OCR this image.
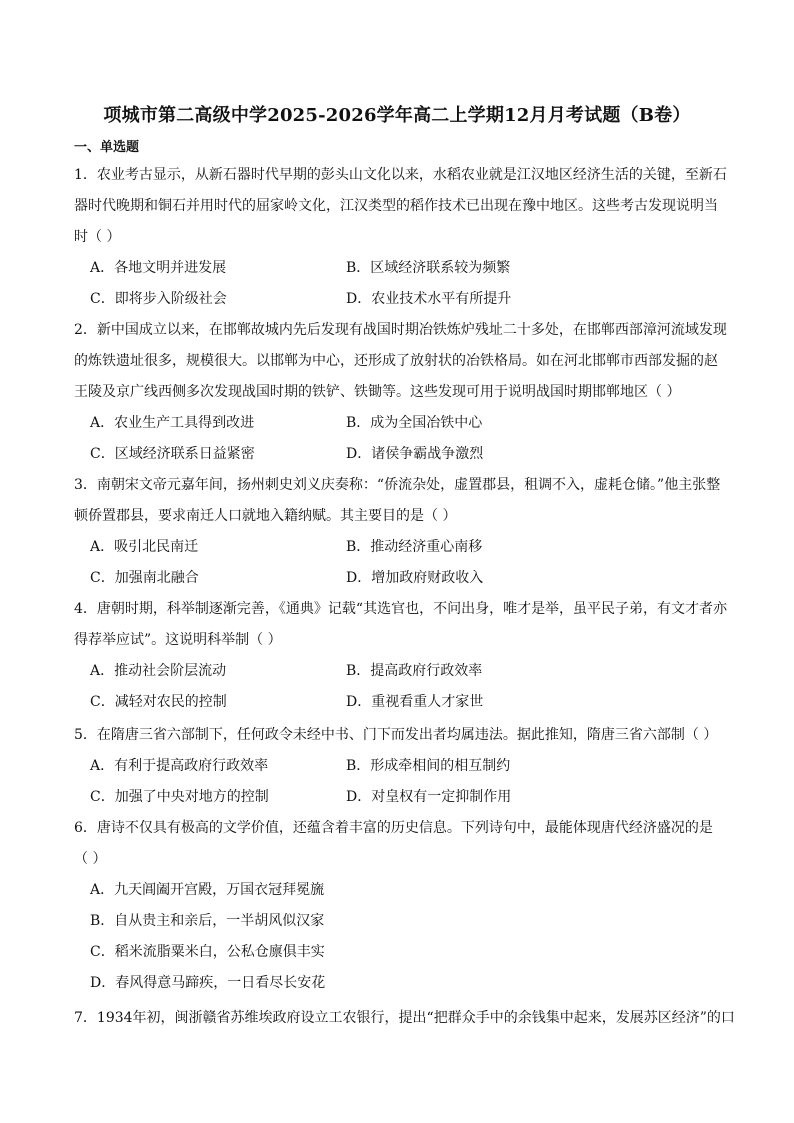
项城市第二高级中学2025-2026学年高二上学期12月月考试题（B卷）
一、单选题
1．农业考古显示，从新石器时代早期的彭头山文化以来，水稻农业就是江汉地区经济生活的关键，至新石
器时代晚期和铜石并用时代的屈家岭文化，江汉类型的稻作技术已出现在豫中地区。这些考古发现说明当
时（ ）
A．各地文明并进发展	B．区域经济联系较为频繁
C．即将步入阶级社会	D．农业技术水平有所提升
2．新中国成立以来，在邯郸故城内先后发现有战国时期冶铁炼炉残址二十多处，在邯郸西部漳河流域发现
的炼铁遗址很多，规模很大。以邯郸为中心，还形成了放射状的冶铁格局。如在河北邯郸市西部发掘的赵
王陵及京广线西侧多次发现战国时期的铁铲、铁锄等。这些发现可用于说明战国时期邯郸地区（ ）
A．农业生产工具得到改进	B．成为全国冶铁中心
C．区域经济联系日益紧密	D．诸侯争霸战争激烈
3．南朝宋文帝元嘉年间，扬州刺史刘义庆奏称：“侨流杂处，虚置郡县，租调不入，虚耗仓储。”他主张整
顿侨置郡县，要求南迁人口就地入籍纳赋。其主要目的是（ ）
A．吸引北民南迁	B．推动经济重心南移
C．加强南北融合	D．增加政府财政收入
4．唐朝时期，科举制逐渐完善，《通典》记载“其选官也，不问出身，唯才是举，虽平民子弟，有文才者亦
得荐举应试”。这说明科举制（ ）
A．推动社会阶层流动	B．提高政府行政效率
C．减轻对农民的控制	D．重视看重人才家世
5．在隋唐三省六部制下，任何政令未经中书、门下而发出者均属违法。据此推知，隋唐三省六部制（ ）
A．有利于提高政府行政效率	B．形成牵相间的相互制约
C．加强了中央对地方的控制	D．对皇权有一定抑制作用
6．唐诗不仅具有极高的文学价值，还蕴含着丰富的历史信息。下列诗句中，最能体现唐代经济盛况的是
（ ）
A．九天阊阖开宫殿，万国衣冠拜冕旒
B．自从贵主和亲后，一半胡风似汉家
C．稻米流脂粟米白，公私仓廪俱丰实
D．春风得意马蹄疾，一日看尽长安花
7．1934年初，闽浙赣省苏维埃政府设立工农银行，提出“把群众手中的余钱集中起来，发展苏区经济”的口
